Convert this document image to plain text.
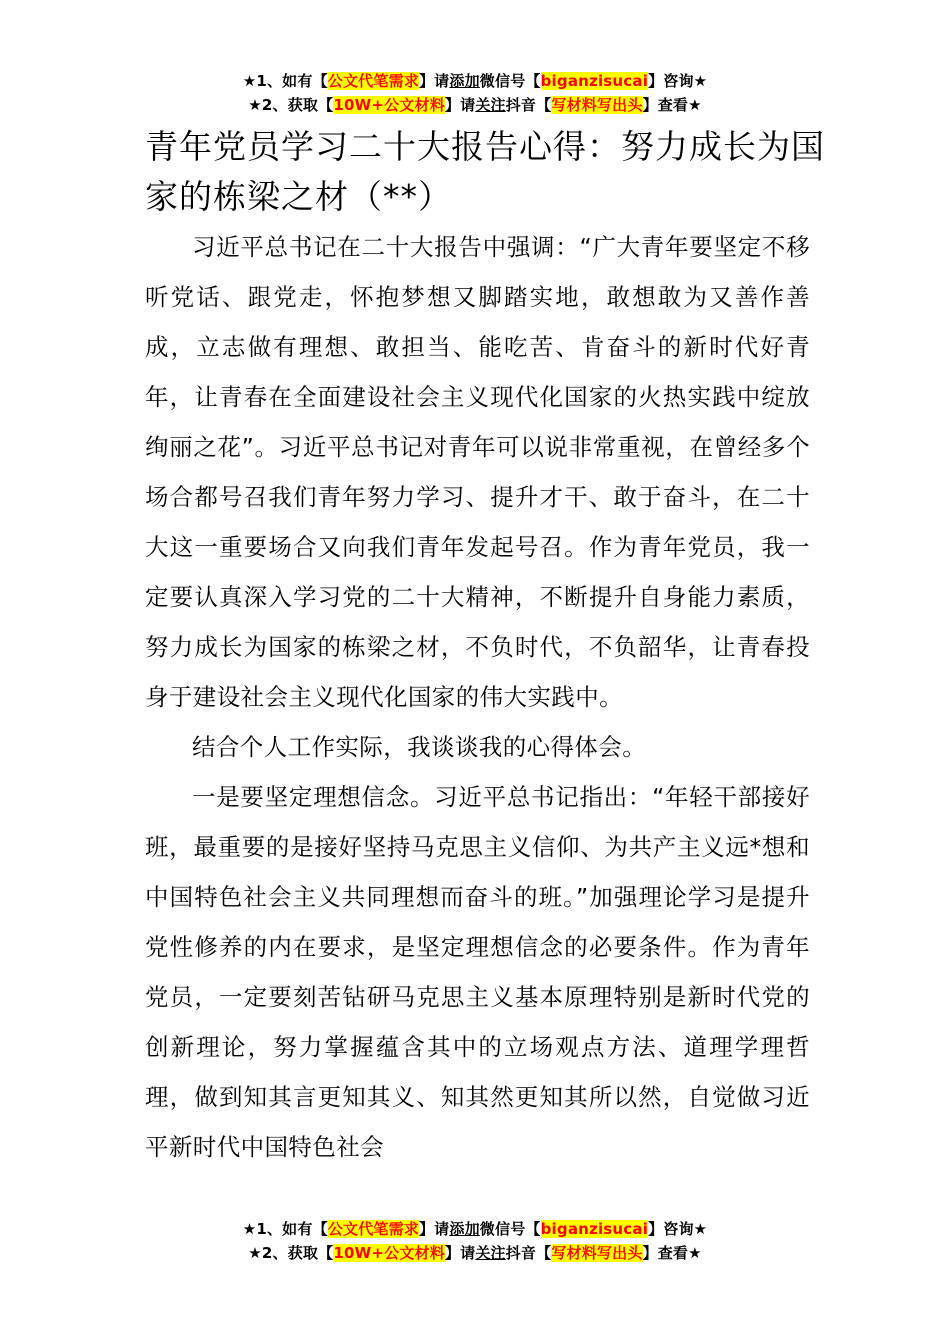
★1、如有【公文代笔需求】请添加微信号【biganzisucai】咨询★
★2、获取【10W+公文材料】请关注抖音【写材料写出头】查看★
青年党员学习二十大报告心得：努力成长为国家的栋梁之材（**）

习近平总书记在二十大报告中强调：“广大青年要坚定不移听党话、跟党走，怀抱梦想又脚踏实地，敢想敢为又善作善成，立志做有理想、敢担当、能吃苦、肯奋斗的新时代好青年，让青春在全面建设社会主义现代化国家的火热实践中绽放绚丽之花”。习近平总书记对青年可以说非常重视，在曾经多个场合都号召我们青年努力学习、提升才干、敢于奋斗，在二十大这一重要场合又向我们青年发起号召。作为青年党员，我一定要认真深入学习党的二十大精神，不断提升自身能力素质，努力成长为国家的栋梁之材，不负时代，不负韶华，让青春投身于建设社会主义现代化国家的伟大实践中。

结合个人工作实际，我谈谈我的心得体会。

一是要坚定理想信念。习近平总书记指出：“年轻干部接好班，最重要的是接好坚持马克思主义信仰、为共产主义远*想和中国特色社会主义共同理想而奋斗的班。”加强理论学习是提升党性修养的内在要求，是坚定理想信念的必要条件。作为青年党员，一定要刻苦钻研马克思主义基本原理特别是新时代党的创新理论，努力掌握蕴含其中的立场观点方法、道理学理哲理，做到知其言更知其义、知其然更知其所以然，自觉做习近平新时代中国特色社会

★1、如有【公文代笔需求】请添加微信号【biganzisucai】咨询★
★2、获取【10W+公文材料】请关注抖音【写材料写出头】查看★
